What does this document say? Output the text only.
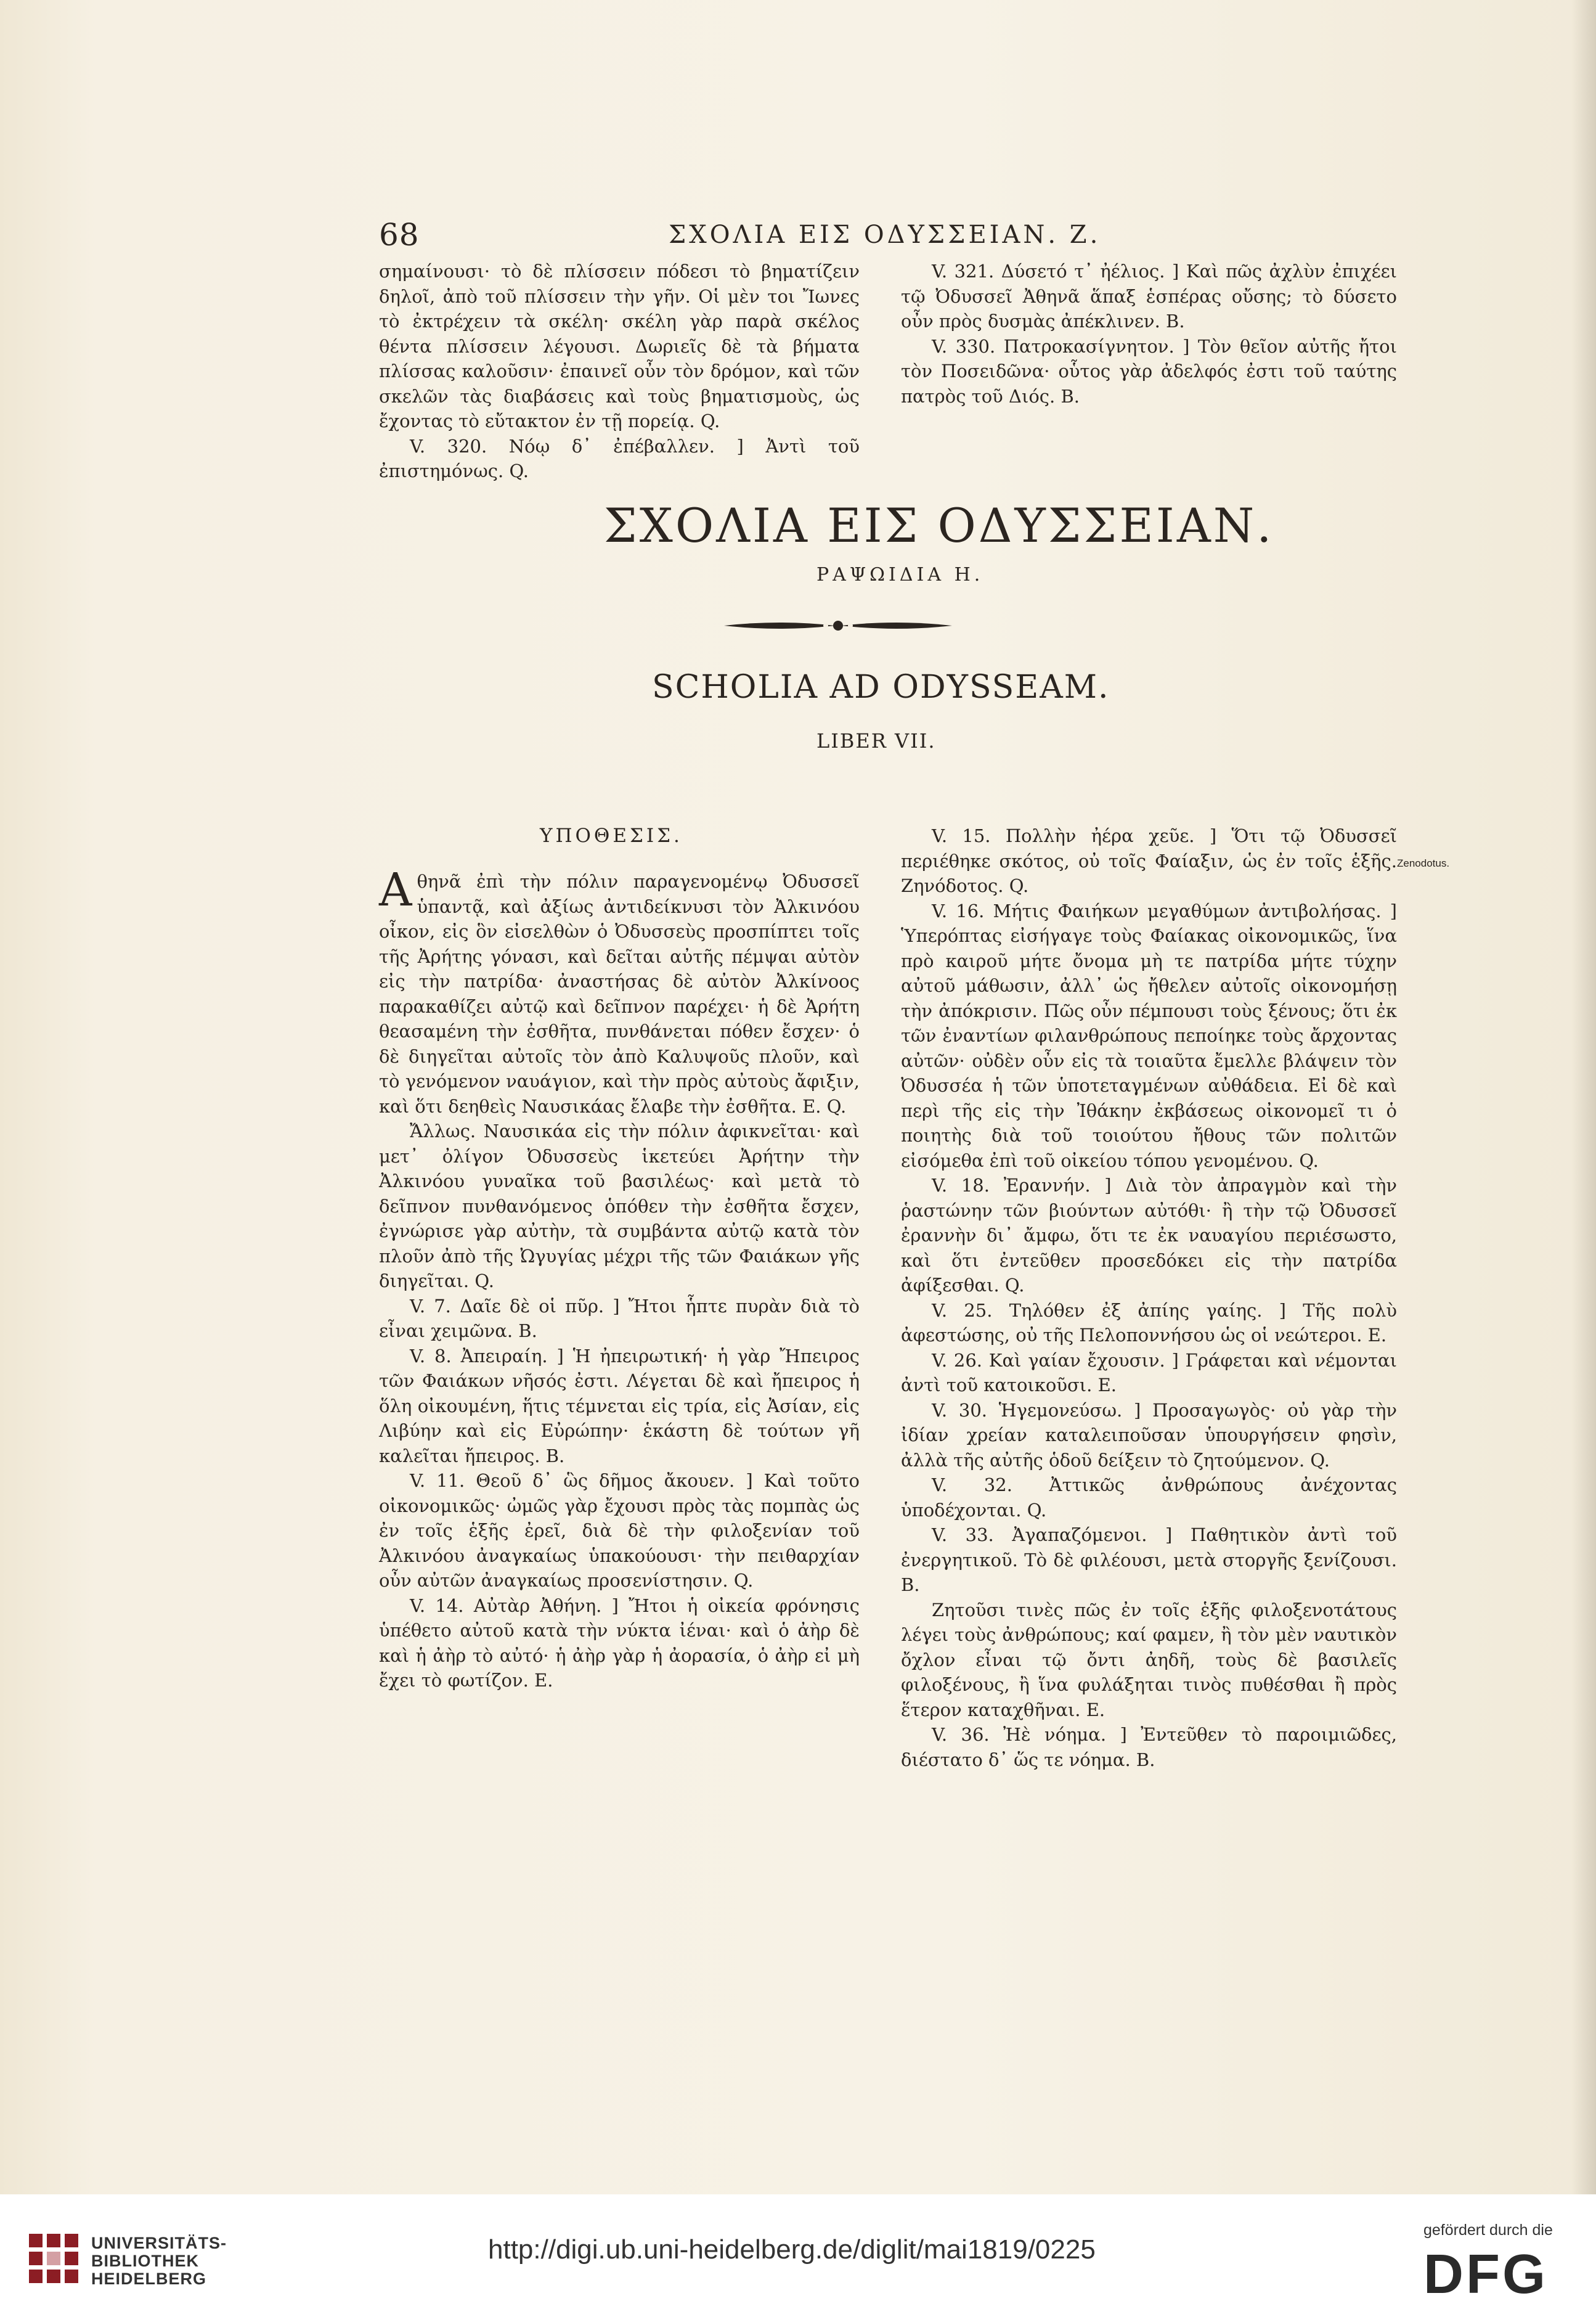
68	ΣΧΟΛΙΑ ΕΙΣ ΟΔΥΣΣΕΙΑΝ. Ζ.

σημαίνουσι· τὸ δὲ πλίσσειν πόδεσι τὸ βηματίζειν δηλοῖ, ἀπὸ τοῦ πλίσσειν τὴν γῆν. Οἱ μὲν τοι Ἴωνες τὸ ἐκτρέχειν τὰ σκέλη· σκέλη γὰρ παρὰ σκέλος θέντα πλίσσειν λέγουσι. Δωριεῖς δὲ τὰ βήματα πλίσσας καλοῦσιν· ἐπαινεῖ οὖν τὸν δρόμον, καὶ τῶν σκελῶν τὰς διαβάσεις καὶ τοὺς βηματισμοὺς, ὡς ἔχοντας τὸ εὔτακτον ἐν τῇ πορείᾳ. Q.

V. 320. Νόῳ δ᾽ ἐπέβαλλεν. ] Ἀντὶ τοῦ ἐπιστημόνως. Q.

V. 321. Δύσετό τ᾽ ἠέλιος. ] Καὶ πῶς ἀχλὺν ἐπιχέει τῷ Ὀδυσσεῖ Ἀθηνᾶ ἅπαξ ἑσπέρας οὔσης; τὸ δύσετο οὖν πρὸς δυσμὰς ἀπέκλινεν. B.

V. 330. Πατροκασίγνητον. ] Τὸν θεῖον αὐτῆς ἤτοι τὸν Ποσειδῶνα· οὗτος γὰρ ἀδελφός ἐστι τοῦ ταύτης πατρὸς τοῦ Διός. B.

ΣΧΟΛΙΑ ΕΙΣ ΟΔΥΣΣΕΙΑΝ.
ΡΑΨΩΙΔΙΑ Η.
SCHOLIA AD ODYSSEAM.
LIBER VII.
ΥΠΟΘΕΣΙΣ.

Αθηνᾶ ἐπὶ τὴν πόλιν παραγενομένῳ Ὀδυσσεῖ ὑπαντᾷ, καὶ ἀξίως ἀντιδείκνυσι τὸν Ἀλκινόου οἶκον, εἰς ὃν εἰσελθὼν ὁ Ὀδυσσεὺς προσπίπτει τοῖς τῆς Ἀρήτης γόνασι, καὶ δεῖται αὐτῆς πέμψαι αὐτὸν εἰς τὴν πατρίδα· ἀναστήσας δὲ αὐτὸν Ἀλκίνοος παρακαθίζει αὐτῷ καὶ δεῖπνον παρέχει· ἡ δὲ Ἀρήτη θεασαμένη τὴν ἐσθῆτα, πυνθάνεται πόθεν ἔσχεν· ὁ δὲ διηγεῖται αὐτοῖς τὸν ἀπὸ Καλυψοῦς πλοῦν, καὶ τὸ γενόμενον ναυάγιον, καὶ τὴν πρὸς αὐτοὺς ἄφιξιν, καὶ ὅτι δεηθεὶς Ναυσικάας ἔλαβε τὴν ἐσθῆτα. E. Q.

Ἄλλως. Ναυσικάα εἰς τὴν πόλιν ἀφικνεῖται· καὶ μετ᾽ ὀλίγον Ὀδυσσεὺς ἱκετεύει Ἀρήτην τὴν Ἀλκινόου γυναῖκα τοῦ βασιλέως· καὶ μετὰ τὸ δεῖπνον πυνθανόμενος ὁπόθεν τὴν ἐσθῆτα ἔσχεν, ἐγνώρισε γὰρ αὐτὴν, τὰ συμβάντα αὐτῷ κατὰ τὸν πλοῦν ἀπὸ τῆς Ὠγυγίας μέχρι τῆς τῶν Φαιάκων γῆς διηγεῖται. Q.

V. 7. Δαῖε δὲ οἱ πῦρ. ] Ἤτοι ἧπτε πυρὰν διὰ τὸ εἶναι χειμῶνα. B.

V. 8. Ἀπειραίη. ] Ἡ ἠπειρωτική· ἡ γὰρ Ἤπειρος τῶν Φαιάκων νῆσός ἐστι. Λέγεται δὲ καὶ ἤπειρος ἡ ὅλη οἰκουμένη, ἥτις τέμνεται εἰς τρία, εἰς Ἀσίαν, εἰς Λιβύην καὶ εἰς Εὐρώπην· ἑκάστη δὲ τούτων γῆ καλεῖται ἤπειρος. B.

V. 11. Θεοῦ δ᾽ ὣς δῆμος ἄκουεν. ] Καὶ τοῦτο οἰκονομικῶς· ὠμῶς γὰρ ἔχουσι πρὸς τὰς πομπὰς ὡς ἐν τοῖς ἑξῆς ἐρεῖ, διὰ δὲ τὴν φιλοξενίαν τοῦ Ἀλκινόου ἀναγκαίως ὑπακούουσι· τὴν πειθαρχίαν οὖν αὐτῶν ἀναγκαίως προσενίστησιν. Q.

V. 14. Αὐτὰρ Ἀθήνη. ] Ἤτοι ἡ οἰκεία φρόνησις ὑπέθετο αὐτοῦ κατὰ τὴν νύκτα ἰέναι· καὶ ὁ ἀὴρ δὲ καὶ ἡ ἀὴρ τὸ αὐτό· ἡ ἀὴρ γὰρ ἡ ἀορασία, ὁ ἀὴρ εἰ μὴ ἔχει τὸ φωτίζον. E.

V. 15. Πολλὴν ἠέρα χεῦε. ] Ὅτι τῷ Ὀδυσσεῖ περιέθηκε σκότος, οὐ τοῖς Φαίαξιν, ὡς ἐν τοῖς ἑξῆς. Ζηνόδοτος. Q.

V. 16. Μήτις Φαιήκων μεγαθύμων ἀντιβολήσας. ] Ὑπερόπτας εἰσήγαγε τοὺς Φαίακας οἰκονομικῶς, ἵνα πρὸ καιροῦ μήτε ὄνομα μὴ τε πατρίδα μήτε τύχην αὐτοῦ μάθωσιν, ἀλλ᾽ ὡς ἤθελεν αὐτοῖς οἰκονομήσῃ τὴν ἀπόκρισιν. Πῶς οὖν πέμπουσι τοὺς ξένους; ὅτι ἐκ τῶν ἐναντίων φιλανθρώπους πεποίηκε τοὺς ἄρχοντας αὐτῶν· οὐδὲν οὖν εἰς τὰ τοιαῦτα ἔμελλε βλάψειν τὸν Ὀδυσσέα ἡ τῶν ὑποτεταγμένων αὐθάδεια. Εἰ δὲ καὶ περὶ τῆς εἰς τὴν Ἰθάκην ἐκβάσεως οἰκονομεῖ τι ὁ ποιητὴς διὰ τοῦ τοιούτου ἤθους τῶν πολιτῶν εἰσόμεθα ἐπὶ τοῦ οἰκείου τόπου γενομένου. Q.

V. 18. Ἐραννήν. ] Διὰ τὸν ἀπραγμὸν καὶ τὴν ῥαστώνην τῶν βιούντων αὐτόθι· ἢ τὴν τῷ Ὀδυσσεῖ ἐραννὴν δι᾽ ἄμφω, ὅτι τε ἐκ ναυαγίου περιέσωστο, καὶ ὅτι ἐντεῦθεν προσεδόκει εἰς τὴν πατρίδα ἀφίξεσθαι. Q.

V. 25. Τηλόθεν ἐξ ἀπίης γαίης. ] Τῆς πολὺ ἀφεστώσης, οὐ τῆς Πελοποννήσου ὡς οἱ νεώτεροι. E.

V. 26. Καὶ γαίαν ἔχουσιν. ] Γράφεται καὶ νέμονται ἀντὶ τοῦ κατοικοῦσι. E.

V. 30. Ἡγεμονεύσω. ] Προσαγωγὸς· οὐ γὰρ τὴν ἰδίαν χρείαν καταλειποῦσαν ὑπουργήσειν φησὶν, ἀλλὰ τῆς αὐτῆς ὁδοῦ δείξειν τὸ ζητούμενον. Q.

V. 32. Ἀττικῶς ἀνθρώπους ἀνέχοντας ὑποδέχονται. Q.

V. 33. Ἀγαπαζόμενοι. ] Παθητικὸν ἀντὶ τοῦ ἐνεργητικοῦ. Τὸ δὲ φιλέουσι, μετὰ στοργῆς ξενίζουσι. B.

Ζητοῦσι τινὲς πῶς ἐν τοῖς ἑξῆς φιλοξενοτάτους λέγει τοὺς ἀνθρώπους; καί φαμεν, ἢ τὸν μὲν ναυτικὸν ὄχλον εἶναι τῷ ὄντι ἀηδῆ, τοὺς δὲ βασιλεῖς φιλοξένους, ἢ ἵνα φυλάξηται τινὸς πυθέσθαι ἢ πρὸς ἕτερον καταχθῆναι. E.

V. 36. Ἠὲ νόημα. ] Ἐντεῦθεν τὸ παροιμιῶδες, διέστατο δ᾽ ὥς τε νόημα. B.

Zenodotus.
UNIVERSITÄTS-
BIBLIOTHEK
HEIDELBERG
http://digi.ub.uni-heidelberg.de/diglit/mai1819/0225
gefördert durch die
DFG
